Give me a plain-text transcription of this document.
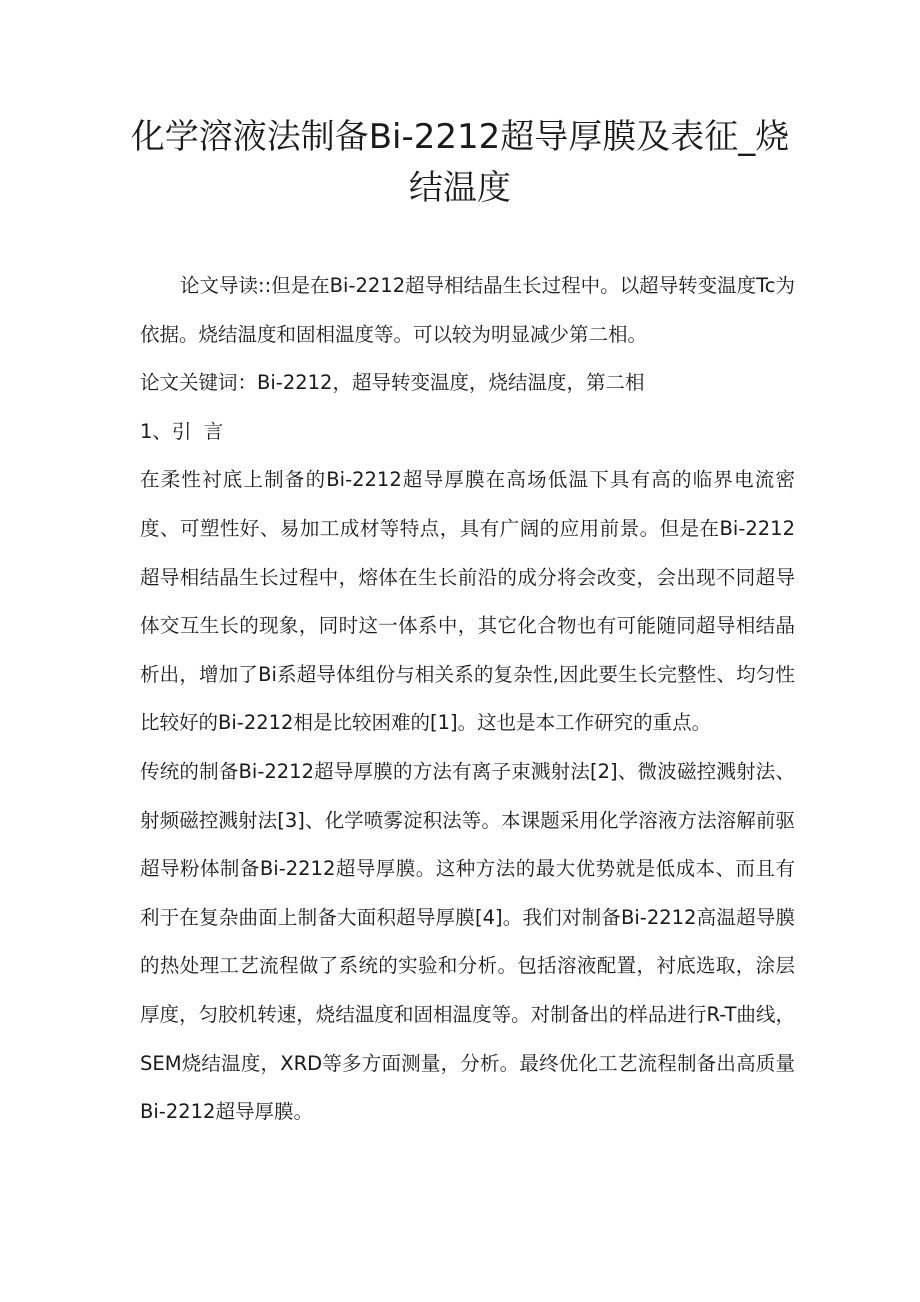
化学溶液法制备Bi-2212超导厚膜及表征_烧结温度

论文导读::但是在Bi-2212超导相结晶生长过程中。以超导转变温度Tc为依据。烧结温度和固相温度等。可以较为明显减少第二相。

论文关键词：Bi-2212，超导转变温度，烧结温度，第二相

1、引  言

在柔性衬底上制备的Bi-2212超导厚膜在高场低温下具有高的临界电流密度、可塑性好、易加工成材等特点，具有广阔的应用前景。但是在Bi-2212超导相结晶生长过程中，熔体在生长前沿的成分将会改变，会出现不同超导体交互生长的现象，同时这一体系中，其它化合物也有可能随同超导相结晶析出，增加了Bi系超导体组份与相关系的复杂性,因此要生长完整性、均匀性比较好的Bi-2212相是比较困难的[1]。这也是本工作研究的重点。

传统的制备Bi-2212超导厚膜的方法有离子束溅射法[2]、微波磁控溅射法、射频磁控溅射法[3]、化学喷雾淀积法等。本课题采用化学溶液方法溶解前驱超导粉体制备Bi-2212超导厚膜。这种方法的最大优势就是低成本、而且有利于在复杂曲面上制备大面积超导厚膜[4]。我们对制备Bi-2212高温超导膜的热处理工艺流程做了系统的实验和分析。包括溶液配置，衬底选取，涂层厚度，匀胶机转速，烧结温度和固相温度等。对制备出的样品进行R-T曲线，SEM烧结温度，XRD等多方面测量，分析。最终优化工艺流程制备出高质量Bi-2212超导厚膜。
